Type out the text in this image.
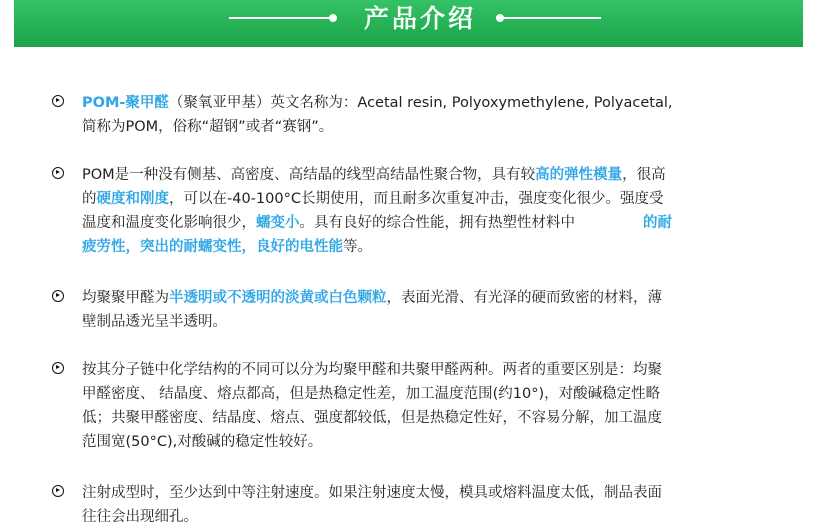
产品介绍
POM-聚甲醛（聚氧亚甲基）英文名称为：Acetal resin, Polyoxymethylene, Polyacetal,
简称为POM，俗称“超钢”或者“赛钢”。
POM是一种没有侧基、高密度、高结晶的线型高结晶性聚合物，具有较高的弹性模量，很高
的硬度和刚度，可以在-40-100°C长期使用，而且耐多次重复冲击，强度变化很少。强度受
温度和温度变化影响很少，蠕变小。具有良好的综合性能，拥有热塑性材料中	的耐
疲劳性，突出的耐蠕变性，良好的电性能等。
均聚聚甲醛为半透明或不透明的淡黄或白色颗粒，表面光滑、有光泽的硬而致密的材料，薄
壁制品透光呈半透明。
按其分子链中化学结构的不同可以分为均聚甲醛和共聚甲醛两种。两者的重要区别是：均聚
甲醛密度、 结晶度、熔点都高，但是热稳定性差，加工温度范围(约10°)，对酸碱稳定性略
低；共聚甲醛密度、结晶度、熔点、强度都较低，但是热稳定性好，不容易分解，加工温度
范围宽(50°C),对酸碱的稳定性较好。
注射成型时，至少达到中等注射速度。如果注射速度太慢，模具或熔料温度太低，制品表面
往往会出现细孔。
